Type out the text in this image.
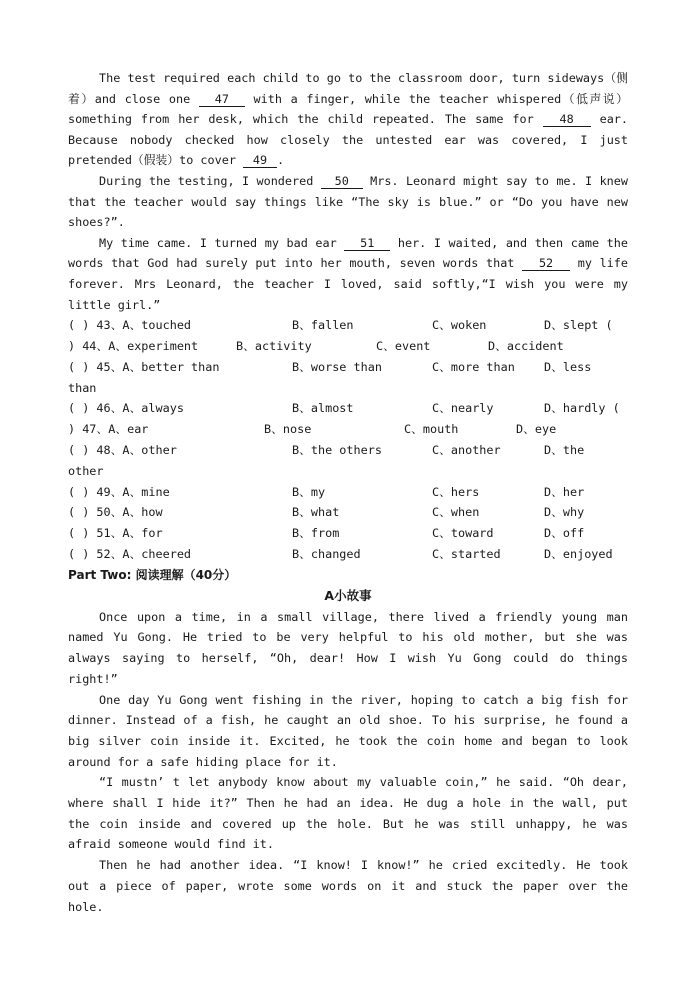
The test required each child to go to the classroom door, turn sideways（侧着）and close one 47 with a finger, while the teacher whispered（低声说）something from her desk, which the child repeated. The same for 48 ear. Because nobody checked how closely the untested ear was covered, I just pretended（假装）to cover 49 .

During the testing, I wondered 50 Mrs. Leonard might say to me. I knew that the teacher would say things like “The sky is blue.” or “Do you have new shoes?”.

My time came. I turned my bad ear 51 her. I waited, and then came the words that God had surely put into her mouth, seven words that 52 my life forever. Mrs Leonard, the teacher I loved, said softly,“I wish you were my little girl.”

( ) 43、A、touched	B、fallen	C、woken	D、slept (
) 44、A、experiment	B、activity	C、event	D、accident
( ) 45、A、better than	B、worse than	C、more than D、less
than
( ) 46、A、always	B、almost	C、nearly	D、hardly (
) 47、A、ear	B、nose	C、mouth	D、eye
( ) 48、A、other	B、the others	C、another	D、the
other
( ) 49、A、mine	B、my	C、hers	D、her
( ) 50、A、how	B、what	C、when	D、why
( ) 51、A、for	B、from	C、toward	D、off
( ) 52、A、cheered	B、changed	C、started	D、enjoyed

Part Two: 阅读理解（40分）

A小故事

Once upon a time, in a small village, there lived a friendly young man named Yu Gong. He tried to be very helpful to his old mother, but she was always saying to herself, “Oh, dear! How I wish Yu Gong could do things right!”

One day Yu Gong went fishing in the river, hoping to catch a big fish for dinner. Instead of a fish, he caught an old shoe. To his surprise, he found a big silver coin inside it. Excited, he took the coin home and began to look around for a safe hiding place for it.

“I mustn’ t let anybody know about my valuable coin,” he said. “Oh dear, where shall I hide it?” Then he had an idea. He dug a hole in the wall, put the coin inside and covered up the hole. But he was still unhappy, he was afraid someone would find it.

Then he had another idea. “I know! I know!” he cried excitedly. He took out a piece of paper, wrote some words on it and stuck the paper over the hole.
